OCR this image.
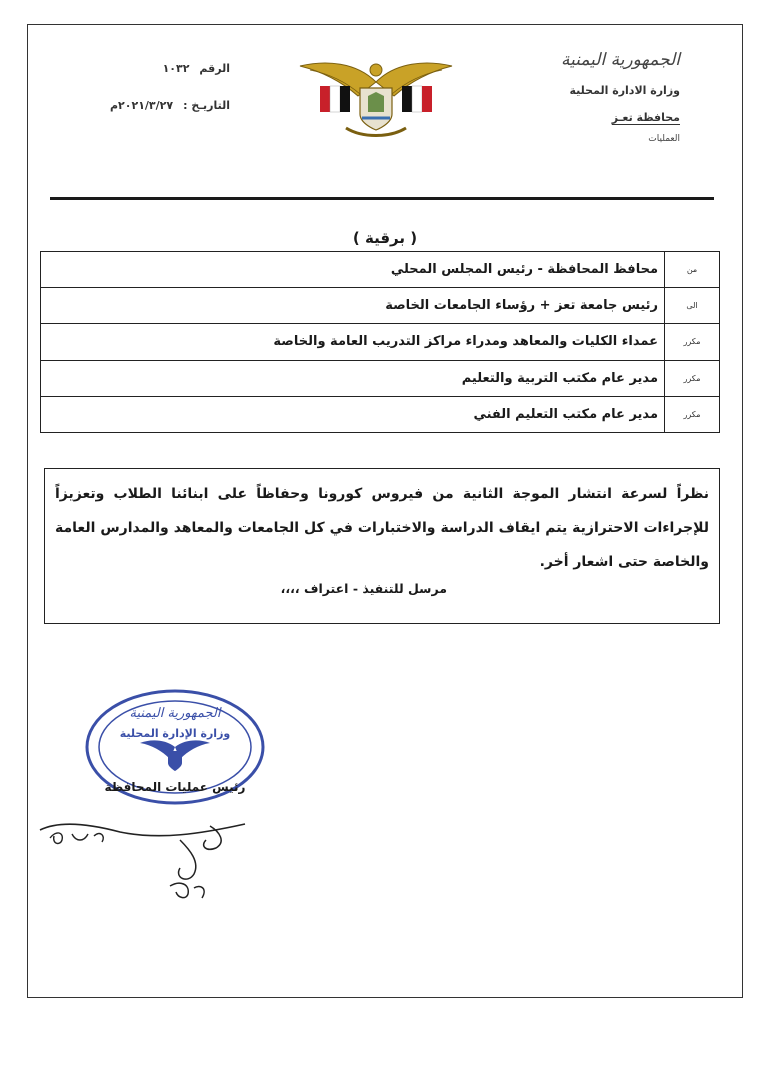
الجمهورية اليمنية
وزارة الادارة المحلية
محافظة تعـز
العمليات
الرقم
١٠٣٢
التاريـخ :
٢٠٢١/٣/٢٧م
( برقية )
من	محافظ المحافظة - رئيس المجلس المحلي
الى	رئيس جامعة تعز + رؤساء الجامعات الخاصة
مكرر	عمداء الكليات والمعاهد ومدراء مراكز التدريب العامة والخاصة
مكرر	مدير عام مكتب التربية والتعليم
مكرر	مدير عام مكتب التعليم الفني
نظراً لسرعة انتشار الموجة الثانية من فيروس كورونا وحفاظاً على ابنائنا الطلاب وتعزيزاً للإجراءات الاحترازية يتم ايقاف الدراسة والاختبارات في كل الجامعات والمعاهد والمدارس العامة والخاصة حتى اشعار أخر.
مرسل للتنفيذ - اعتراف ،،،،
الجمهورية اليمنية
وزارة الإدارة المحلية
رئيس عمليات المحافظة
